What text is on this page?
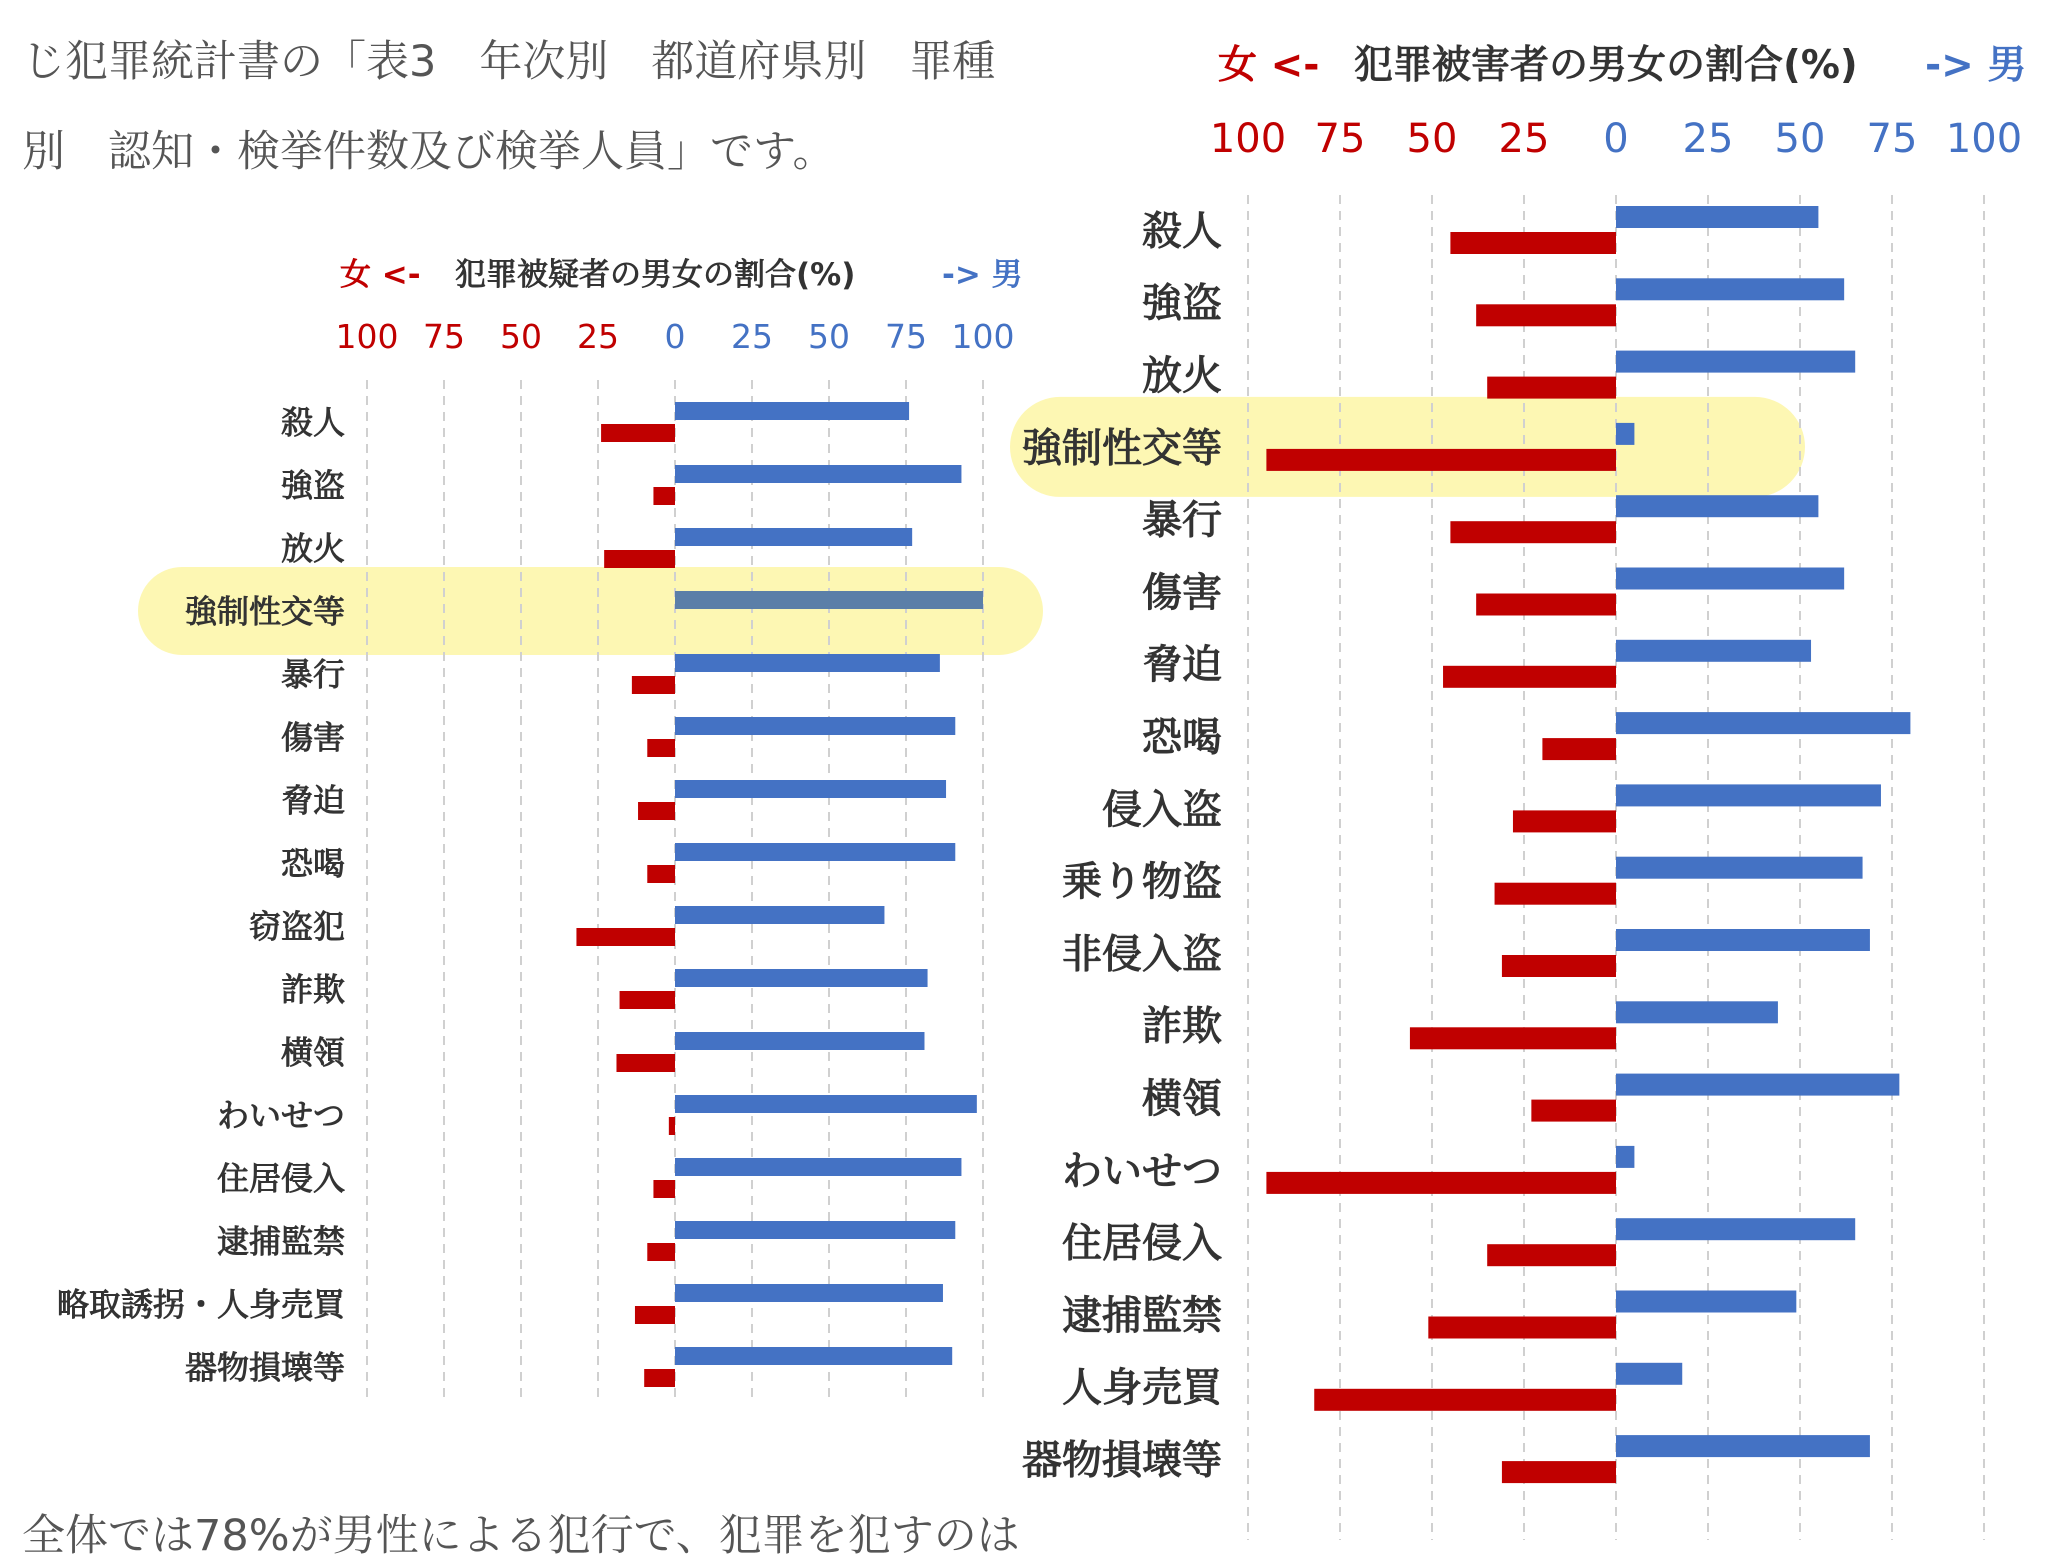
じ犯罪統計書の「表3　年次別　都道府県別　罪種

別　認知・検挙件数及び検挙人員」です。

全体では78%が男性による犯行で、犯罪を犯すのは

女 <- 犯罪被疑者の男女の割合(%)	-> 男
100 75 50 25 0 25 50 75 100
殺人
強盗
放火
強制性交等
暴行
傷害
脅迫
恐喝
窃盗犯
詐欺
横領
わいせつ
住居侵入
逮捕監禁
略取誘拐・人身売買
器物損壊等
女 <- 犯罪被害者の男女の割合(%) -> 男
100 75 50 25 0 25 50 75 100
殺人
強盗
放火
強制性交等
暴行
傷害
脅迫
恐喝
侵入盗
乗り物盗
非侵入盗
詐欺
横領
わいせつ
住居侵入
逮捕監禁
人身売買
器物損壊等
